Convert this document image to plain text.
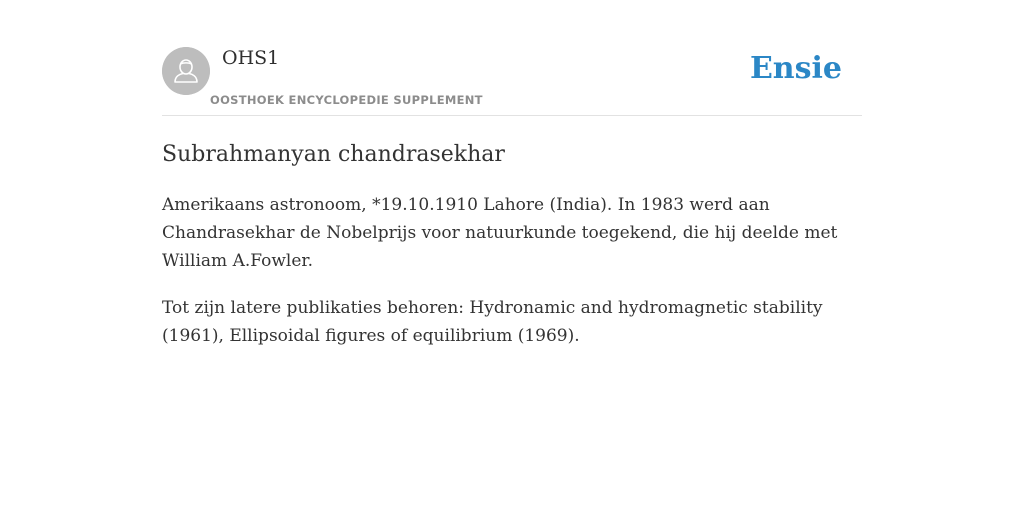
OHS1
OOSTHOEK ENCYCLOPEDIE SUPPLEMENT
Ensie
Subrahmanyan chandrasekhar

Amerikaans astronoom, *19.10.1910 Lahore (India). In 1983 werd aan Chandrasekhar de Nobelprijs voor natuurkunde toegekend, die hij deelde met William A.Fowler.

Tot zijn latere publikaties behoren: Hydronamic and hydromagnetic stability (1961), Ellipsoidal figures of equilibrium (1969).
